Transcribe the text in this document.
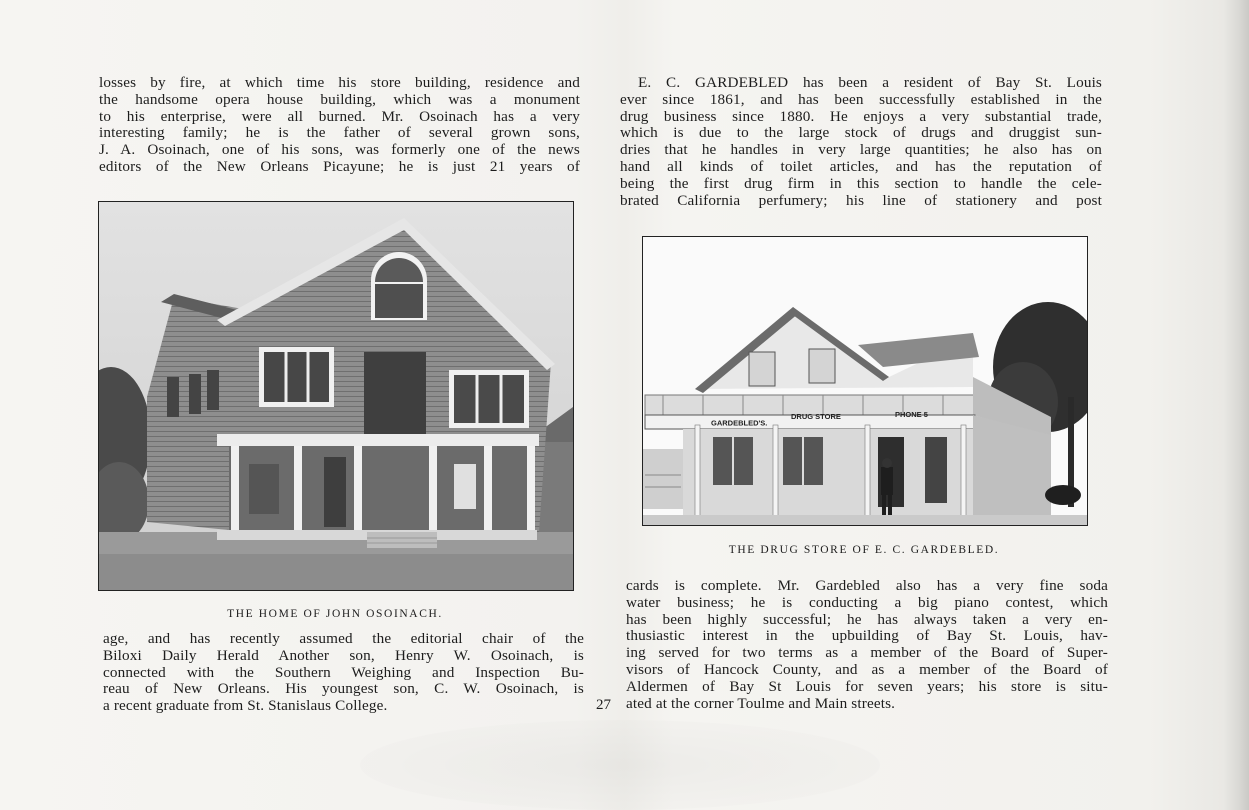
losses by fire, at which time his store building, residence and

the handsome opera house building, which was a monument

to his enterprise, were all burned. Mr. Osoinach has a very

interesting family; he is the father of several grown sons,

J. A. Osoinach, one of his sons, was formerly one of the news

editors of the New Orleans Picayune; he is just 21 years of

THE HOME OF JOHN OSOINACH.

age, and has recently assumed the editorial chair of the

Biloxi Daily Herald Another son, Henry W. Osoinach, is

connected with the Southern Weighing and Inspection Bu-

reau of New Orleans. His youngest son, C. W. Osoinach, is

a recent graduate from St. Stanislaus College.	27

E. C. GARDEBLED has been a resident of Bay St. Louis

ever since 1861, and has been successfully established in the

drug business since 1880. He enjoys a very substantial trade,

which is due to the large stock of drugs and druggist sun-

dries that he handles in very large quantities; he also has on

hand all kinds of toilet articles, and has the reputation of

being the first drug firm in this section to handle the cele-

brated California perfumery; his line of stationery and post

GARDEBLED'S.
DRUG STORE	PHONE 5
THE DRUG STORE OF E. C. GARDEBLED.

cards is complete. Mr. Gardebled also has a very fine soda

water business; he is conducting a big piano contest, which

has been highly successful; he has always taken a very en-

thusiastic interest in the upbuilding of Bay St. Louis, hav-

ing served for two terms as a member of the Board of Super-

visors of Hancock County, and as a member of the Board of

Aldermen of Bay St Louis for seven years; his store is situ-

ated at the corner Toulme and Main streets.
